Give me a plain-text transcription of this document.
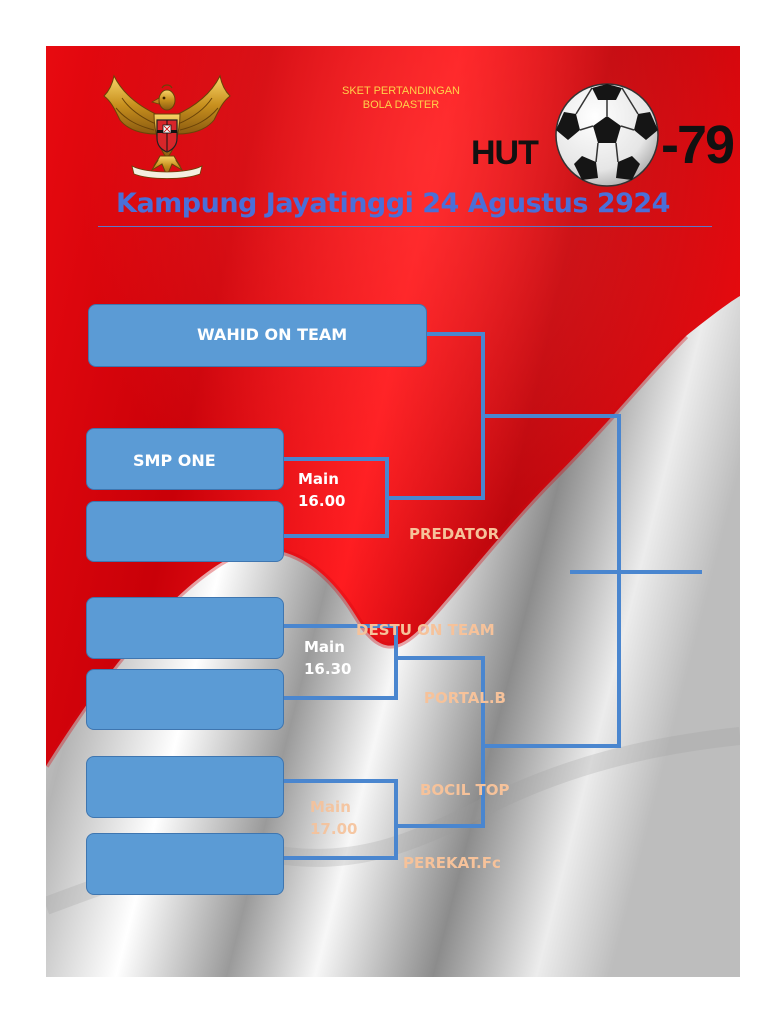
SKET PERTANDINGAN
BOLA DASTER
HUT -79
Kampung Jayatinggi 24 Agustus 2924
WAHID ON TEAM
SMP ONE
Main
16.00
Main
16.30
Main
17.00
PREDATOR
DESTU ON TEAM
PORTAL.B
BOCIL TOP
PEREKAT.Fc
